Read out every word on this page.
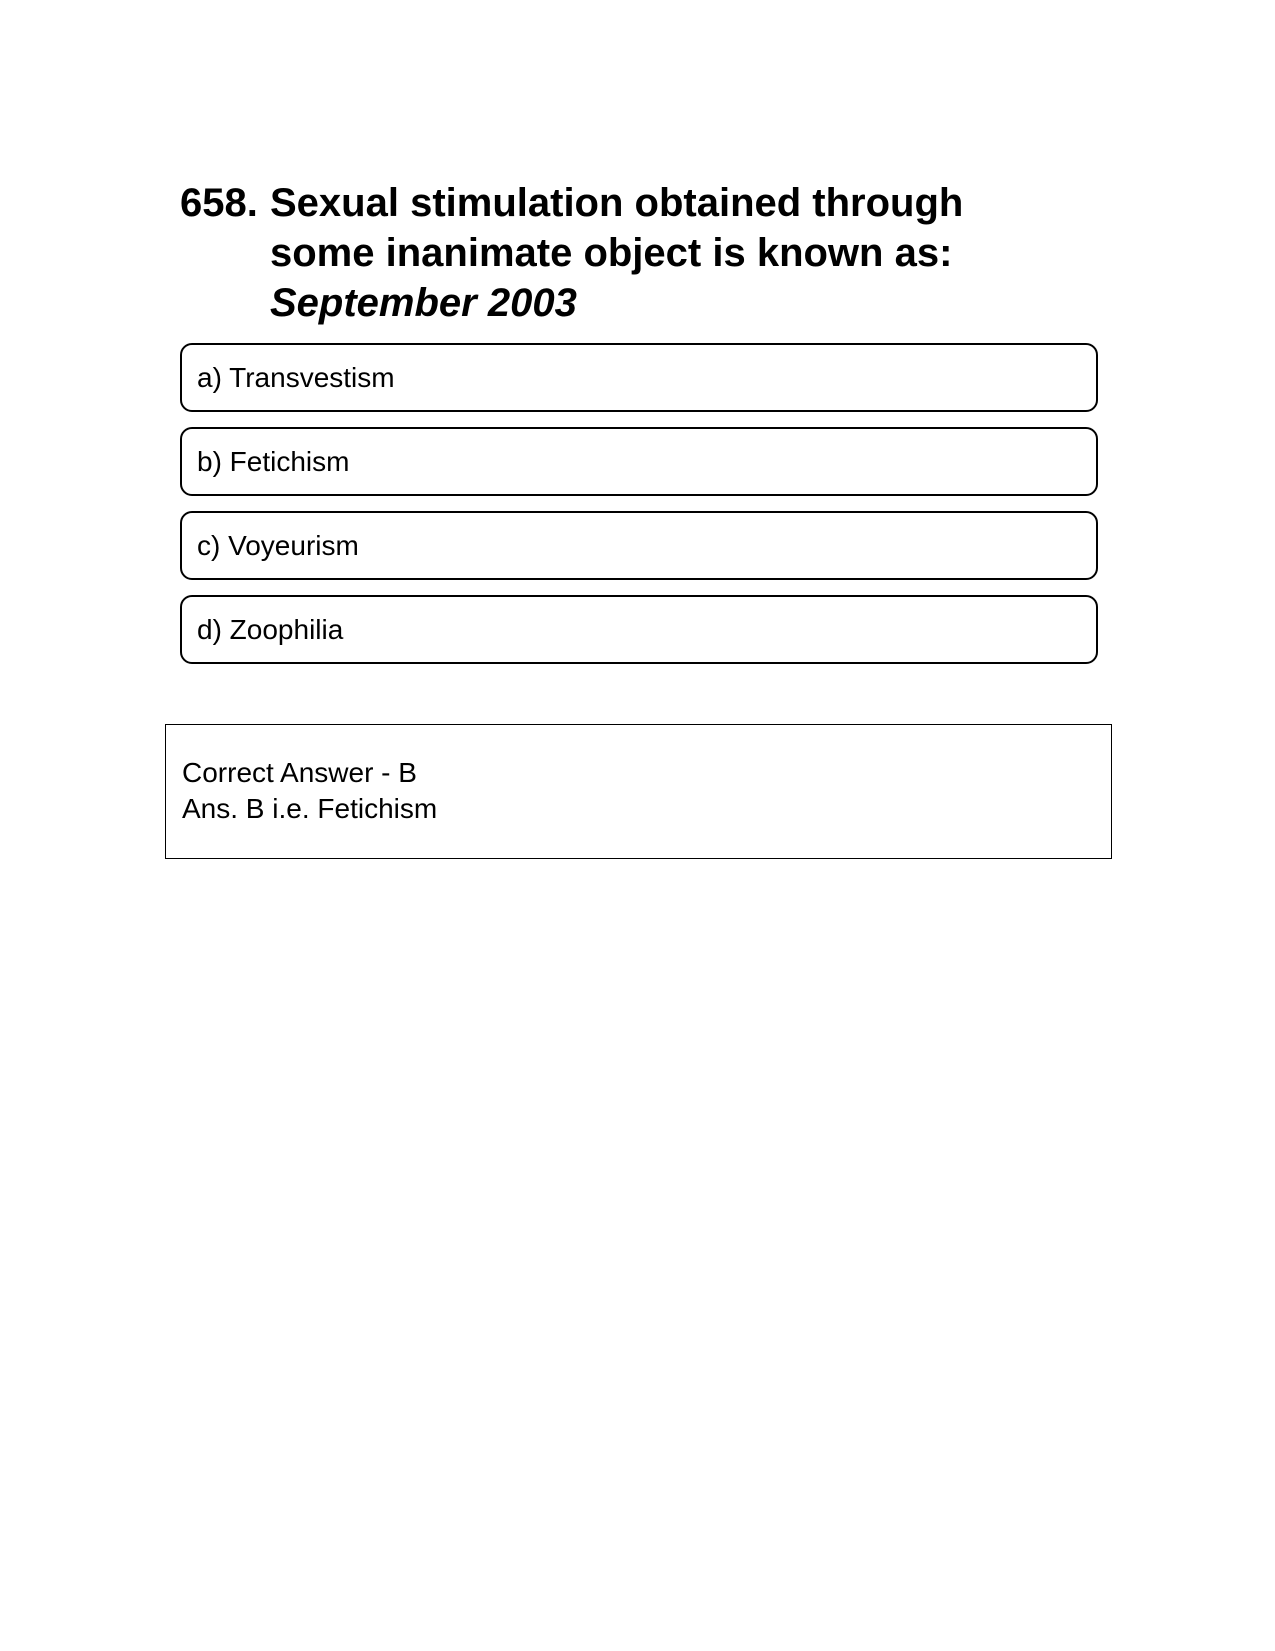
658. Sexual stimulation obtained through
some inanimate object is known as:
September 2003
a) Transvestism
b) Fetichism
c) Voyeurism
d) Zoophilia
Correct Answer - B
Ans. B i.e. Fetichism
